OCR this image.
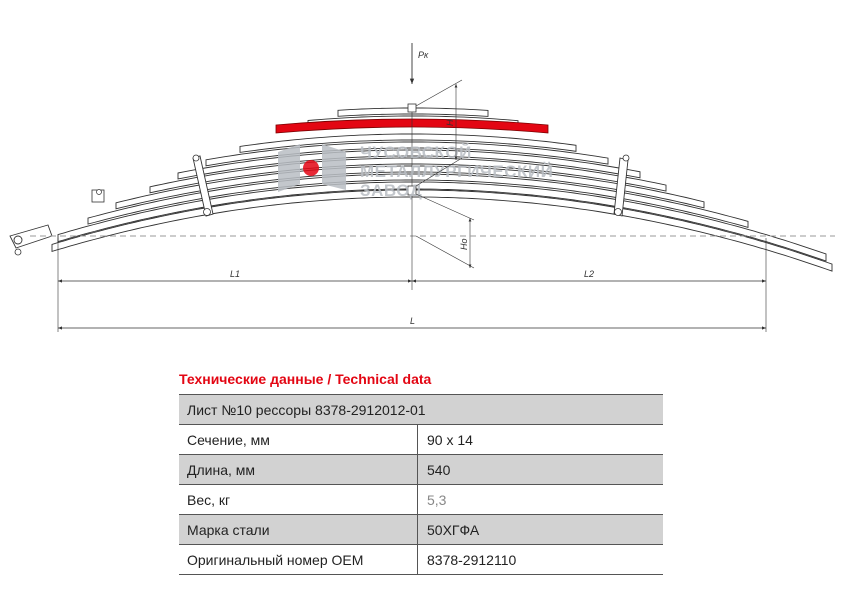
ЧУСОВСКОЙ
МЕТАЛЛУРГИЧЕСКИЙ
ЗАВОД
Pк
H
Hо
L1	L2
L
Технические данные / Technical data
Лист №10 рессоры 8378-2912012-01	
Сечение, мм	90 х 14
Длина, мм	540
Вес, кг	5,3
Марка стали	50ХГФА
Оригинальный номер OEM	8378-2912110
